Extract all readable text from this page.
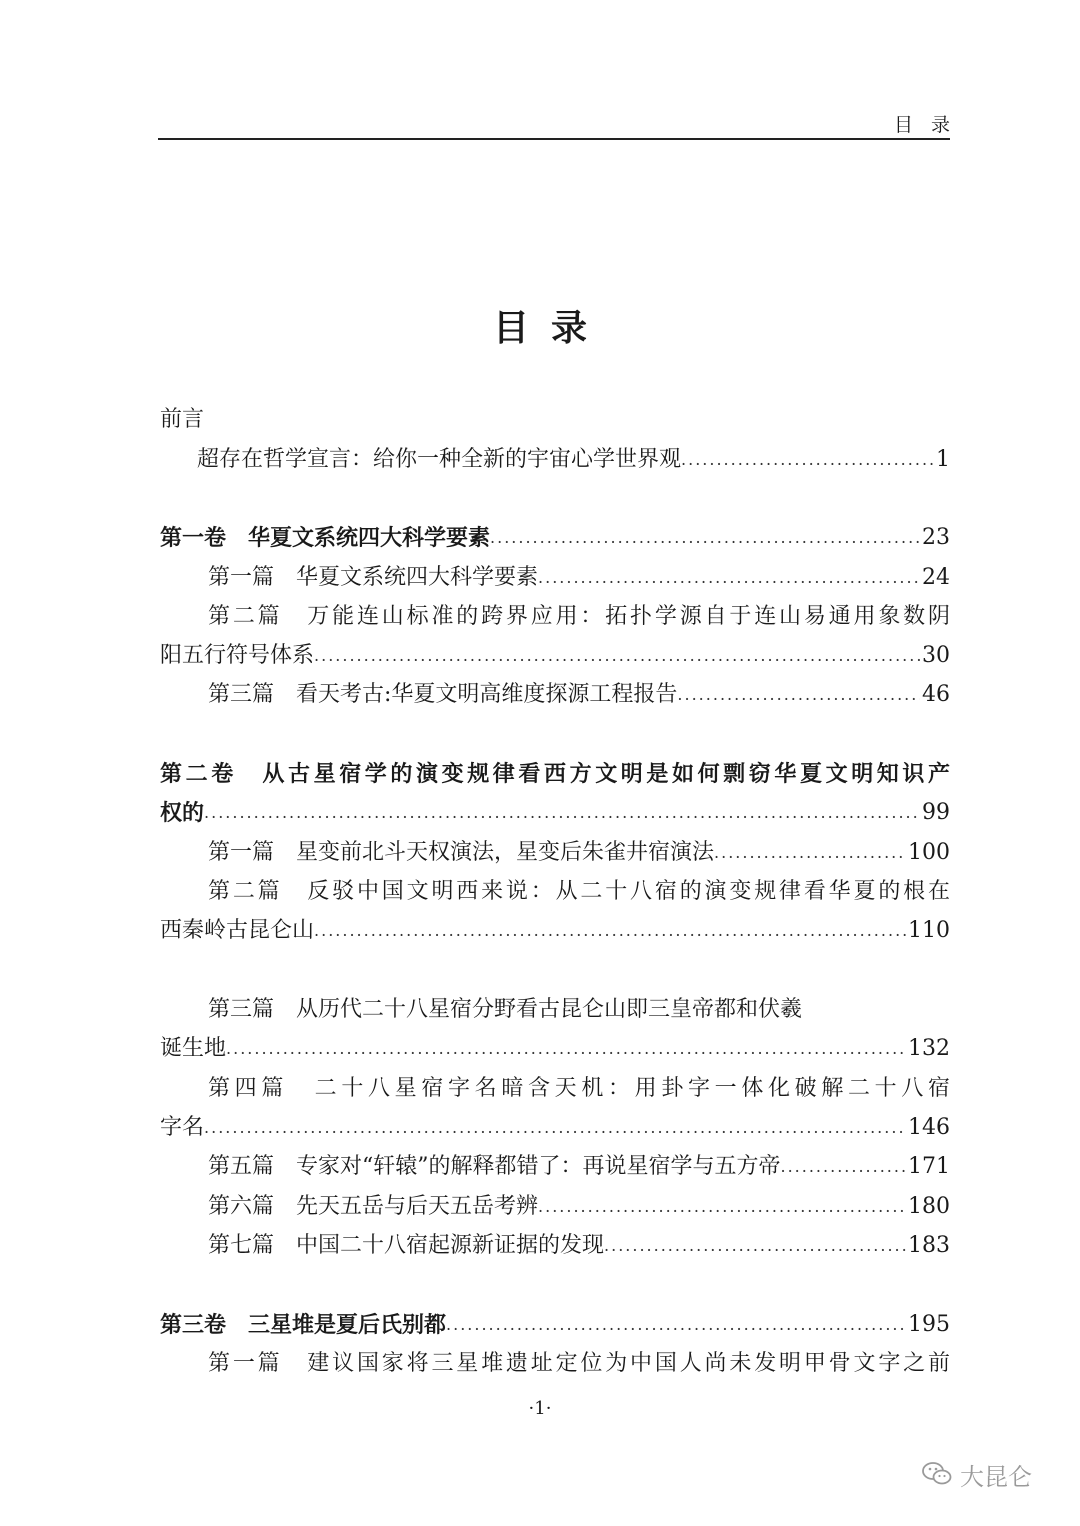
目录
目录
前言
超存在哲学宣言：给你一种全新的宇宙心学世界观 .....	1
第一卷　华夏文系统四大科学要素 .....	23
第一篇　华夏文系统四大科学要素 .....	24
第二篇　万能连山标准的跨界应用：拓扑学源自于连山易通用象数阴
阳五行符号体系 .....	30
第三篇　看天考古:华夏文明高维度探源工程报告 .....	46
第二卷　从古星宿学的演变规律看西方文明是如何剽窃华夏文明知识产
权的 .....	99
第一篇　星变前北斗天权演法，星变后朱雀井宿演法 .....	100
第二篇　反驳中国文明西来说：从二十八宿的演变规律看华夏的根在
西秦岭古昆仑山 .....	110
第三篇　从历代二十八星宿分野看古昆仑山即三皇帝都和伏羲
诞生地 .....	132
第四篇　二十八星宿字名暗含天机：用卦字一体化破解二十八宿
字名 .....	146
第五篇　专家对“轩辕”的解释都错了：再说星宿学与五方帝 .....	171
第六篇　先天五岳与后天五岳考辨 .....	180
第七篇　中国二十八宿起源新证据的发现 .....	183
第三卷　三星堆是夏后氏别都 .....	195
第一篇　建议国家将三星堆遗址定位为中国人尚未发明甲骨文字之前
·1·
大昆仑
